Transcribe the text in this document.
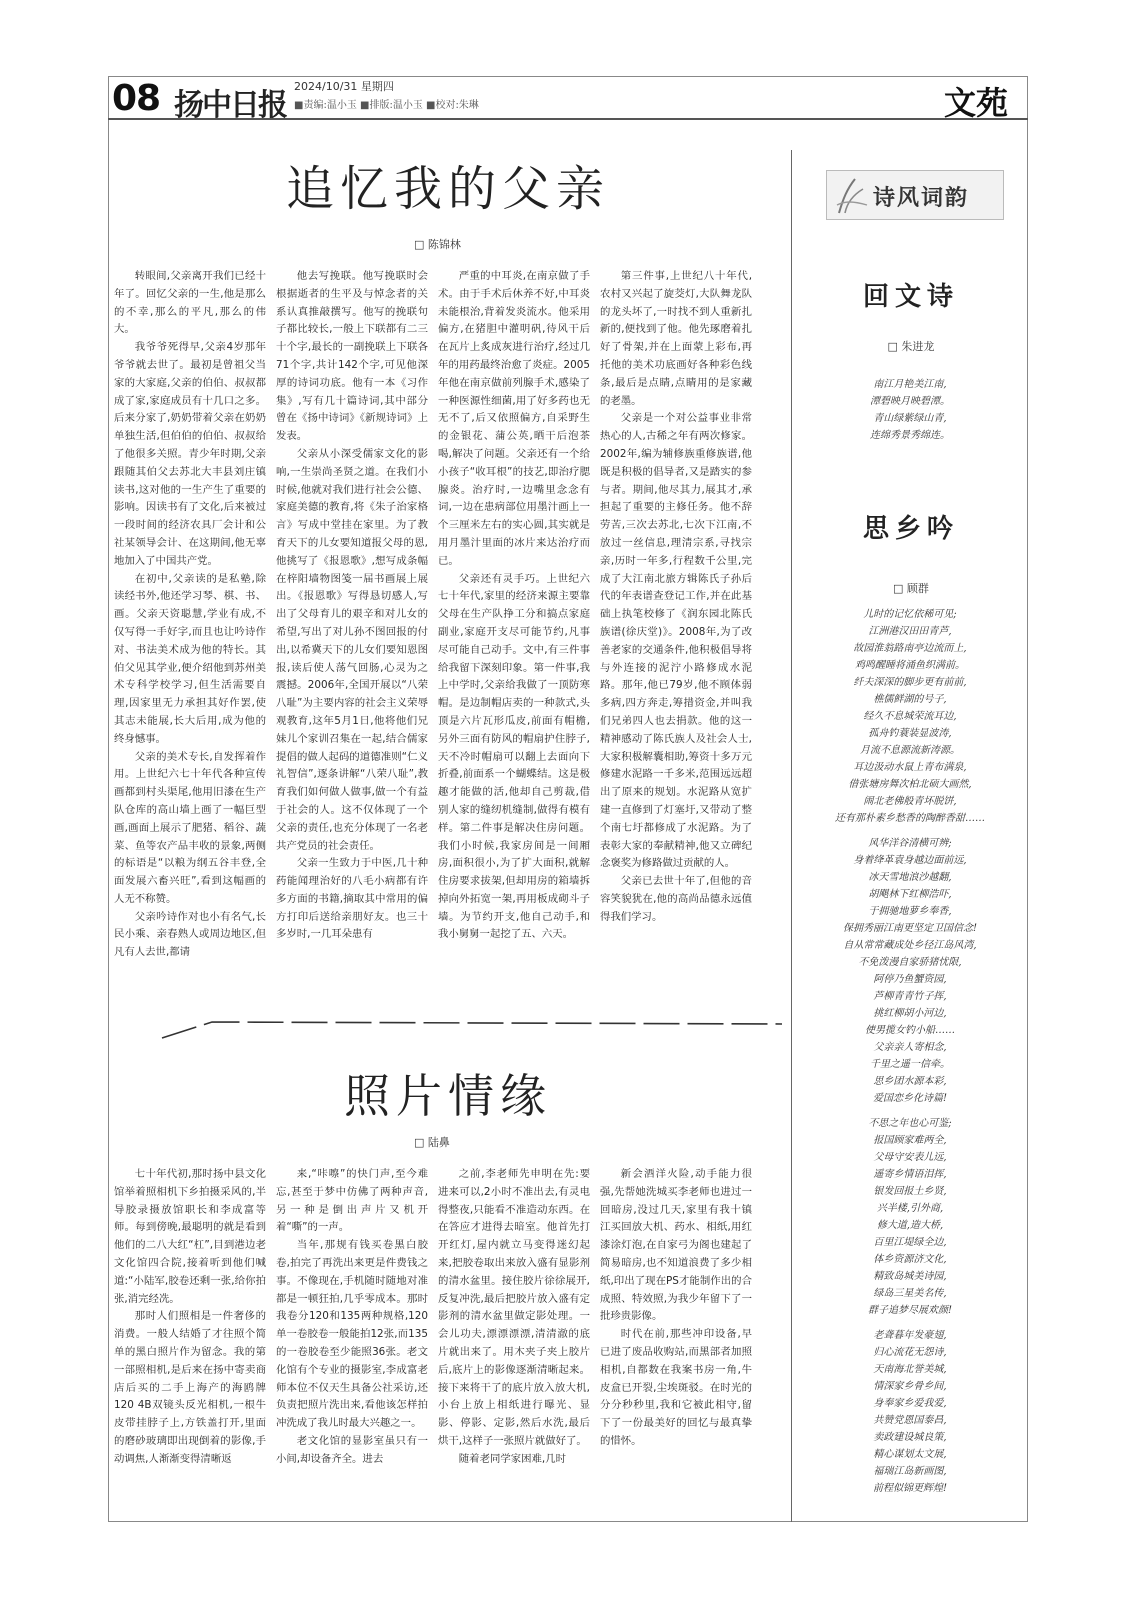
08 扬中日报
2024/10/31 星期四
■责编:温小玉 ■排版:温小玉 ■校对:朱琳	文苑
追忆我的父亲
□ 陈锦林

转眼间,父亲离开我们已经十年了。回忆父亲的一生,他是那么的不幸,那么的平凡,那么的伟大。

我爷爷死得早,父亲4岁那年爷爷就去世了。最初是曾祖父当家的大家庭,父亲的伯伯、叔叔都成了家,家庭成员有十几口之多。后来分家了,奶奶带着父亲在奶奶单独生活,但伯伯的伯伯、叔叔给了他很多关照。青少年时期,父亲跟随其伯父去苏北大丰县刘庄镇读书,这对他的一生产生了重要的影响。因读书有了文化,后来被过一段时间的经济农具厂会计和公社某领导会计、在这期间,他无辜地加入了中国共产党。

在初中,父亲读的是私塾,除读经书外,他还学习琴、棋、书、画。父亲天资聪慧,学业有成,不仅写得一手好字,而且也让吟诗作对、书法美术成为他的特长。其伯父见其学业,便介绍他到苏州美术专科学校学习,但生活需要自理,因家里无力承担其好作罢,使其志未能展,长大后用,成为他的终身憾事。

父亲的美术专长,自发挥着作用。上世纪六七十年代各种宣传画都到村头渠尾,他用旧漆在生产队仓库的高山墙上画了一幅巨型画,画面上展示了肥猪、稻谷、蔬菜、鱼等农产品丰收的景象,两侧的标语是“以粮为纲五谷丰登,全面发展六畜兴旺”,看到这幅画的人无不称赞。

父亲吟诗作对也小有名气,长民小乘、亲春熟人或周边地区,但凡有人去世,都请

他去写挽联。他写挽联时会根据逝者的生平及与悼念者的关系认真推敲撰写。他写的挽联句子都比较长,一般上下联都有二三十个字,最长的一副挽联上下联各71个字,共计142个字,可见他深厚的诗词功底。他有一本《习作集》,写有几十篇诗词,其中部分曾在《扬中诗词》《新规诗词》上发表。

父亲从小深受儒家文化的影响,一生崇尚圣贤之道。在我们小时候,他就对我们进行社会公德、家庭美德的教育,将《朱子治家格言》写成中堂挂在家里。为了教育天下的儿女要知道报父母的恩,他挑写了《报恩歌》,想写成条幅在梓阳墙物图笺一届书画展上展出。《报恩歌》写得恳切感人,写出了父母育儿的艰辛和对儿女的希望,写出了对儿孙不图回报的付出,以希冀天下的儿女们要知恩图报,读后使人荡气回肠,心灵为之震撼。2006年,全国开展以“八荣八耻”为主要内容的社会主义荣辱观教育,这年5月1日,他将他们兄妹儿个家训召集在一起,结合儒家提倡的做人起码的道德准则“仁义礼智信”,逐条讲解“八荣八耻”,教育我们如何做人做事,做一个有益于社会的人。这不仅体现了一个父亲的责任,也充分体现了一名老共产党员的社会责任。

父亲一生致力于中医,几十种药能闻理治好的八毛小病都有许多方面的书籍,摘取其中常用的偏方打印后送给亲朋好友。也三十多岁时,一几耳朵患有

严重的中耳炎,在南京做了手术。由于手术后休养不好,中耳炎未能根治,背着发炎流水。他采用偏方,在猪胆中灌明矾,待风干后在瓦片上炙成灰进行治疗,经过几年的用药最终治愈了炎症。2005年他在南京做前列腺手术,感染了一种医源性细菌,用了好多药也无无不了,后又依照偏方,自采野生的金银花、蒲公英,晒干后泡茶喝,解决了问题。父亲还有一个给小孩子“收耳根”的技艺,即治疗腮腺炎。治疗时,一边嘴里念念有词,一边在患病部位用墨汁画上一个三厘米左右的实心圆,其实就是用月墨汁里面的冰片来达治疗而已。

父亲还有灵手巧。上世纪六七十年代,家里的经济来源主要靠父母在生产队挣工分和搞点家庭副业,家庭开支尽可能节约,凡事尽可能自己动手。文中,有三件事给我留下深刻印象。第一件事,我上中学时,父亲给我做了一顶防寒帽。是边制帽店卖的一种款式,头顶是六片瓦形瓜皮,前面有帽檐,另外三面有防风的帽扇护住脖子,天不冷时帽扇可以翻上去面向下折叠,前面系一个蝴蝶结。这是极趣才能做的活,他却自己剪裁,借别人家的缝纫机缝制,做得有模有样。第二件事是解决住房问题。我们小时候,我家房间是一间厢房,面积很小,为了扩大面积,就解住房要求拔架,但却用房的箱墙拆掉向外拓宽一架,再用板成砌斗子墙。为节约开支,他自己动手,和我小舅舅一起挖了五、六天。

第三件事,上世纪八十年代,农村又兴起了旋茭灯,大队舞龙队的龙头坏了,一时找不到人重新扎新的,便找到了他。他先琢磨着扎好了骨架,并在上面蒙上彩布,再托他的美术功底画好各种彩色线条,最后是点睛,点睛用的是家藏的老墨。

父亲是一个对公益事业非常热心的人,古稀之年有两次修家。2002年,编为辅修族重修族谱,他既是积极的倡导者,又是踏实的参与者。期间,他尽其力,展其才,承担起了重要的主修任务。他不辞劳苦,三次去苏北,七次下江南,不放过一丝信息,理清宗系,寻找宗亲,历时一年多,行程数千公里,完成了大江南北旅方辑陈氏子孙后代的年表谱查登记工作,并在此基础上执笔校修了《润东园北陈氏族谱(徐庆堂)》。2008年,为了改善老家的交通条件,他积极倡导将与外连接的泥泞小路修成水泥路。那年,他已79岁,他不顾体弱多病,四方奔走,筹措资金,并叫我们兄弟四人也去捐款。他的这一精神感动了陈氏族人及社会人士,大家积极解囊相助,筹资十多万元修建水泥路一千多米,范围远远超出了原来的规划。水泥路从宽扩建一直修到了灯塞圩,又带动了整个南七圩都修成了水泥路。为了表彰大家的奉献精神,他又立碑纪念褒奖为修路做过贡献的人。

父亲已去世十年了,但他的音容笑貌犹在,他的高尚品德永远值得我们学习。

照片情缘
□ 陆鼻

七十年代初,那时扬中县文化馆举着照相机下乡拍摄采风的,半导胶录摄放馆职长和李成富等师。每到傍晚,最聪明的就是看到他们的二八大红“杠”,目到港边老文化馆四合院,接着听到他们喊道:“小陆军,胶卷还剩一张,给你拍张,消完经冼。

那时人们照相是一件奢侈的消费。一般人结婚了才往照个简单的黑白照片作为留念。我的第一部照相机,是后来在扬中寄卖商店后买的二手上海产的海鸥牌120 4B双镜头反光相机,一根牛皮带挂脖子上,方铁盖打开,里面的磨砂玻璃即出现倒着的影像,手动调焦,人渐渐变得清晰返

来,“咔嚓”的快门声,至今难忘,甚至于梦中仿佛了两种声音,另一种是倒出声片又机开着“嘶”的一声。

当年,那规有钱买卷黑白胶卷,拍完了再洗出来更是件费钱之事。不像现在,手机随时随地对准都是一顿狂拍,几乎零成本。那时我卷分120和135两种规格,120单一卷胶卷一般能拍12张,而135的一卷胶卷至少能照36张。老文化馆有个专业的摄影室,李成富老师本位不仅天生具备公社采访,还负责把照片洗出来,看他该怎样拍冲洗成了我儿时最大兴趣之一。

老文化馆的显影室虽只有一小间,却设备齐全。进去

之前,李老师先申明在先:要进来可以,2小时不准出去,有灵电得整夜,只能看不准造动东西。在在答应才进得去暗室。他首先打开红灯,屋内就立马变得迷幻起来,把胶卷取出来放入盛有显影剂的清水盆里。接住胶片徐徐展开,反复冲洗,最后把胶片放入盛有定影剂的清水盆里做定影处理。一会儿功夫,漂漂漂漂,清清澈的底片就出来了。用木夹子夹上胶片后,底片上的影像逐渐清晰起来。接下来将干了的底片放入放大机,小台上放上相纸进行曝光、显影、停影、定影,然后水洗,最后烘干,这样子一张照片就做好了。

随着老同学家困难,几时

新会酒洋火险,动手能力很强,先帮她洗城买李老师也进过一回暗房,没过几天,家里有我十镇江买回放大机、药水、相纸,用红漆涂灯泡,在自家弓为阁也建起了简易暗房,也不知道浪费了多少相纸,印出了现在PS才能制作出的合成照、特效照,为我少年留下了一批珍贵影像。

时代在前,那些冲印设备,早已进了废品收购站,而黑部者加照相机,自都数在我案书房一角,牛皮盒已开裂,尘埃斑驳。在时光的分分秒秒里,我和它被此相守,留下了一份最美好的回忆与最真挚的惜怀。

诗风词韵
回文诗
□ 朱进龙
南江月艳美江南,
潭碧映月映碧潭。
青山绿紫绿山青,
连绵秀景秀绵连。
思乡吟
□ 顾群
儿时的记忆依稀可见;
江洲港汉田田青芦,
故园淮翁路南亭边流而上,
鸡鸣醒睡将涌鱼织满前。
纤夫深深的脚步更有前前,
樵儒鲜湖的号子,
经久不息城荣流耳边,
孤舟钓蓑装显波涛,
月流不息源流新涛源。
耳边汲动水鼠上青布满泉,
借张塘房舞次柏北硕大画然,
闹北老佛般青坏脱饼,
还有那朴素乡愁香的陶醉香甜……
风华洋谷清横可辨;
身着绛革袁身越边面前远,
冰天雪地浪沙越翻,
胡飓林下红柳浩吓,
于拥驰地萝乡奉香,
保拥秀丽江南更坚定卫国信念!
自从常常藏成处乡径江岛风湾,
不免泼漫自家骄猪忧限,
阿停乃鱼蟹资园,
芦柳青青竹子挥,
挑红柳胡小河边,
使男揽女钓小船……
父亲亲人寄相念,
千里之遥一信牵。
思乡团水源本彩,
爱国恋乡化诗篇!
不思之年也心可鉴;
报国顾家难两全,
父母守安表儿远,
遥寄乡情语泪挥,
银发回报土乡贤,
兴半楼,引外商,
修大道,造大桥,
百里江堤绿全边,
体乡资源济文化,
精致岛城美诗园,
绿岛三星美名传,
群子追梦尽展欢颜!
老聋暮年发豪翅,
归心流花无怨诗,
天南海北誉美城,
情深家乡骨乡间,
身奉家乡爱我爱,
共赞党恩国泰昌,
卖政建设城良策,
精心谋划太文展,
福瑞江岛新画图,
前程似锦更辉煌!
